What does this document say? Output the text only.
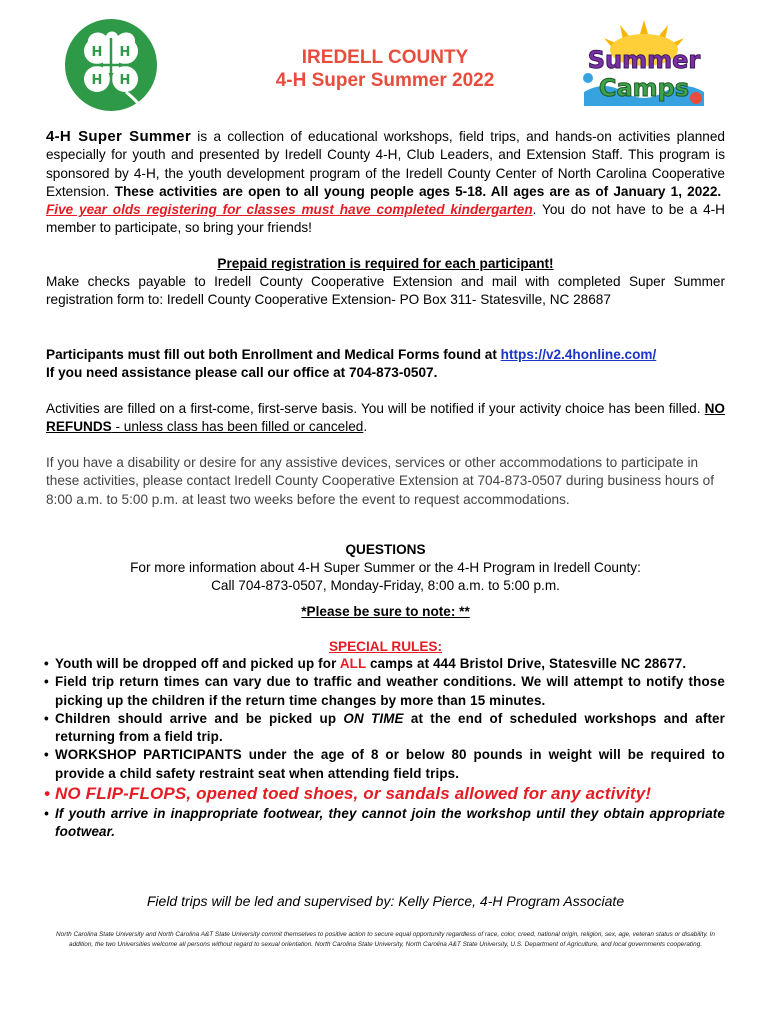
H H
H H
IREDELL COUNTY
4-H Super Summer 2022
Summer
Camps
4-H Super Summer is a collection of educational workshops, field trips, and hands-on activities planned especially for youth and presented by Iredell County 4-H, Club Leaders, and Extension Staff. This program is sponsored by 4-H, the youth development program of the Iredell County Center of North Carolina Cooperative Extension. These activities are open to all young people ages 5-18. All ages are as of January 1, 2022.  Five year olds registering for classes must have completed kindergarten. You do not have to be a 4-H member to participate, so bring your friends!
Prepaid registration is required for each participant!
Make checks payable to Iredell County Cooperative Extension and mail with completed Super Summer registration form to: Iredell County Cooperative Extension- PO Box 311- Statesville, NC 28687
Participants must fill out both Enrollment and Medical Forms found at https://v2.4honline.com/
If you need assistance please call our office at 704-873-0507.
Activities are filled on a first-come, first-serve basis. You will be notified if your activity choice has been filled. NO REFUNDS - unless class has been filled or canceled.
If you have a disability or desire for any assistive devices, services or other accommodations to participate in these activities, please contact Iredell County Cooperative Extension at 704-873-0507 during business hours of 8:00 a.m. to 5:00 p.m. at least two weeks before the event to request accommodations.
QUESTIONS
For more information about 4-H Super Summer or the 4-H Program in Iredell County:
Call 704-873-0507, Monday-Friday, 8:00 a.m. to 5:00 p.m.
*Please be sure to note: **
SPECIAL RULES:
• Youth will be dropped off and picked up for ALL camps at 444 Bristol Drive, Statesville NC 28677.
• Field trip return times can vary due to traffic and weather conditions. We will attempt to notify those picking up the children if the return time changes by more than 15 minutes.
• Children should arrive and be picked up ON TIME at the end of scheduled workshops and after returning from a field trip.
• WORKSHOP PARTICIPANTS under the age of 8 or below 80 pounds in weight will be required to provide a child safety restraint seat when attending field trips.
• NO FLIP-FLOPS, opened toed shoes, or sandals allowed for any activity!
• If youth arrive in inappropriate footwear, they cannot join the workshop until they obtain appropriate footwear.
Field trips will be led and supervised by: Kelly Pierce, 4-H Program Associate
North Carolina State University and North Carolina A&T State University commit themselves to positive action to secure equal opportunity regardless of race, color, creed, national origin, religion, sex, age, veteran status or disability. In addition, the two Universities welcome all persons without regard to sexual orientation. North Carolina State University, North Carolina A&T State University, U.S. Department of Agriculture, and local governments cooperating.
